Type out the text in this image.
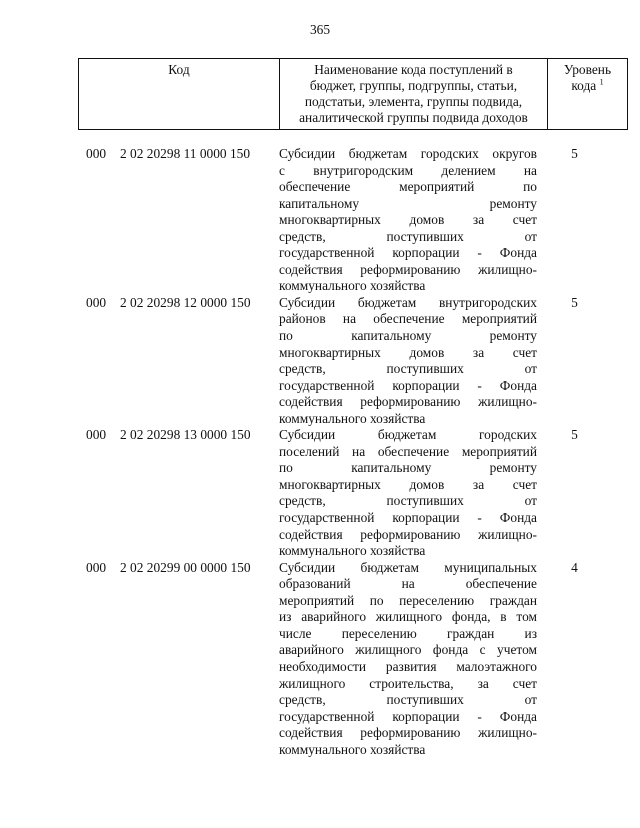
365
Код	Наименование кода поступлений в
бюджет, группы, подгруппы, статьи,
подстатьи, элемента, группы подвида,
аналитической группы подвида доходов

Уровень
кода $^1$
000	2 02 20298 11 0000 150	Субсидии бюджетам городских округов
с внутригородским делением на
обеспечение мероприятий по
капитальному ремонту
многоквартирных домов за счет
средств, поступивших от
государственной корпорации - Фонда
содействия реформированию жилищно-
коммунального хозяйства
5
000	2 02 20298 12 0000 150	Субсидии бюджетам внутригородских
районов на обеспечение мероприятий
по капитальному ремонту
многоквартирных домов за счет
средств, поступивших от
государственной корпорации - Фонда
содействия реформированию жилищно-
коммунального хозяйства
5
000	2 02 20298 13 0000 150	Субсидии бюджетам городских
поселений на обеспечение мероприятий
по капитальному ремонту
многоквартирных домов за счет
средств, поступивших от
государственной корпорации - Фонда
содействия реформированию жилищно-
коммунального хозяйства
5
000	2 02 20299 00 0000 150	Субсидии бюджетам муниципальных
образований на обеспечение
мероприятий по переселению граждан
из аварийного жилищного фонда, в том
числе переселению граждан из
аварийного жилищного фонда с учетом
необходимости развития малоэтажного
жилищного строительства, за счет
средств, поступивших от
государственной корпорации - Фонда
содействия реформированию жилищно-
коммунального хозяйства
4
